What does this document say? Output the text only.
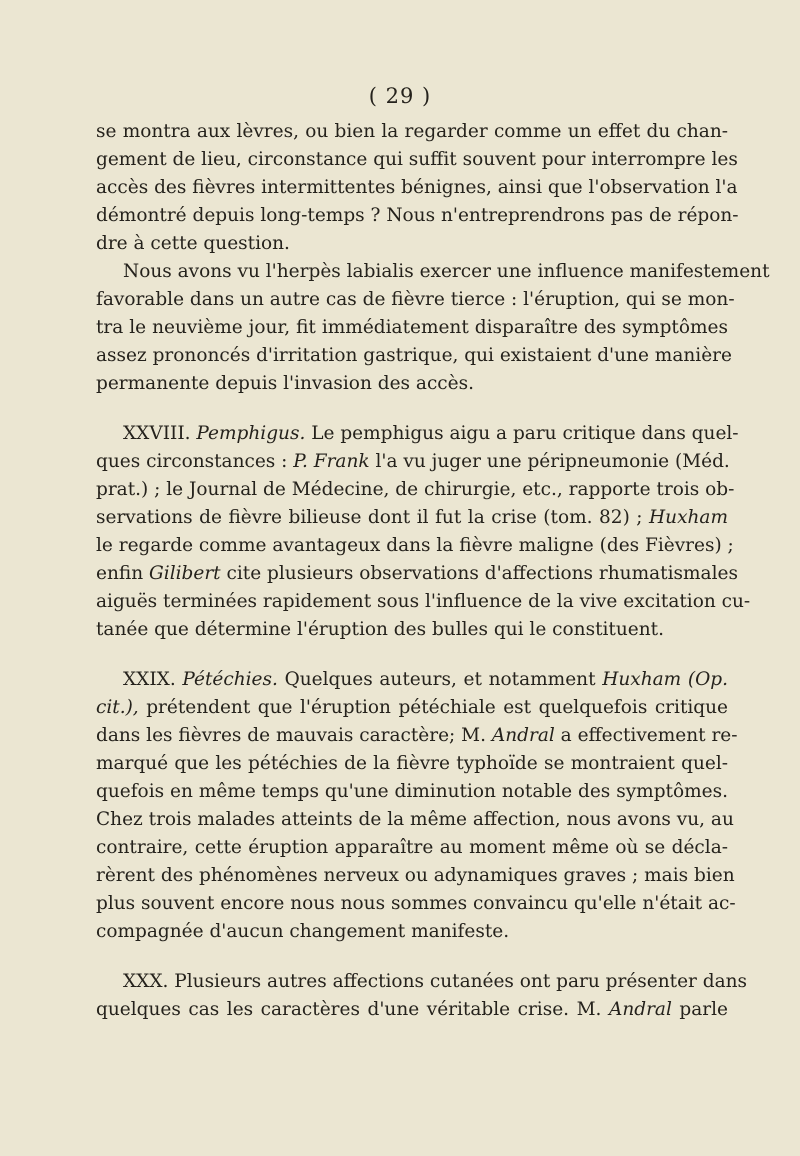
( 29 )
se montra aux lèvres, ou bien la regarder comme un effet du chan-
gement de lieu, circonstance qui suffit souvent pour interrompre les
accès des fièvres intermittentes bénignes, ainsi que l'observation l'a
démontré depuis long-temps ? Nous n'entreprendrons pas de répon-
dre à cette question.
Nous avons vu l'herpès labialis exercer une influence manifestement
favorable dans un autre cas de fièvre tierce : l'éruption, qui se mon-
tra le neuvième jour, fit immédiatement disparaître des symptômes
assez prononcés d'irritation gastrique, qui existaient d'une manière
permanente depuis l'invasion des accès.
XXVIII. Pemphigus. Le pemphigus aigu a paru critique dans quel-
ques circonstances : P. Frank l'a vu juger une péripneumonie (Méd.
prat.) ; le Journal de Médecine, de chirurgie, etc., rapporte trois ob-
servations de fièvre bilieuse dont il fut la crise (tom. 82) ; Huxham
le regarde comme avantageux dans la fièvre maligne (des Fièvres) ;
enfin Gilibert cite plusieurs observations d'affections rhumatismales
aiguës terminées rapidement sous l'influence de la vive excitation cu-
tanée que détermine l'éruption des bulles qui le constituent.
XXIX. Pétéchies. Quelques auteurs, et notamment Huxham (Op.
cit.), prétendent que l'éruption pétéchiale est quelquefois critique
dans les fièvres de mauvais caractère; M. Andral a effectivement re-
marqué que les pétéchies de la fièvre typhoïde se montraient quel-
quefois en même temps qu'une diminution notable des symptômes.
Chez trois malades atteints de la même affection, nous avons vu, au
contraire, cette éruption apparaître au moment même où se décla-
rèrent des phénomènes nerveux ou adynamiques graves ; mais bien
plus souvent encore nous nous sommes convaincu qu'elle n'était ac-
compagnée d'aucun changement manifeste.
XXX. Plusieurs autres affections cutanées ont paru présenter dans
quelques cas les caractères d'une véritable crise. M. Andral parle
